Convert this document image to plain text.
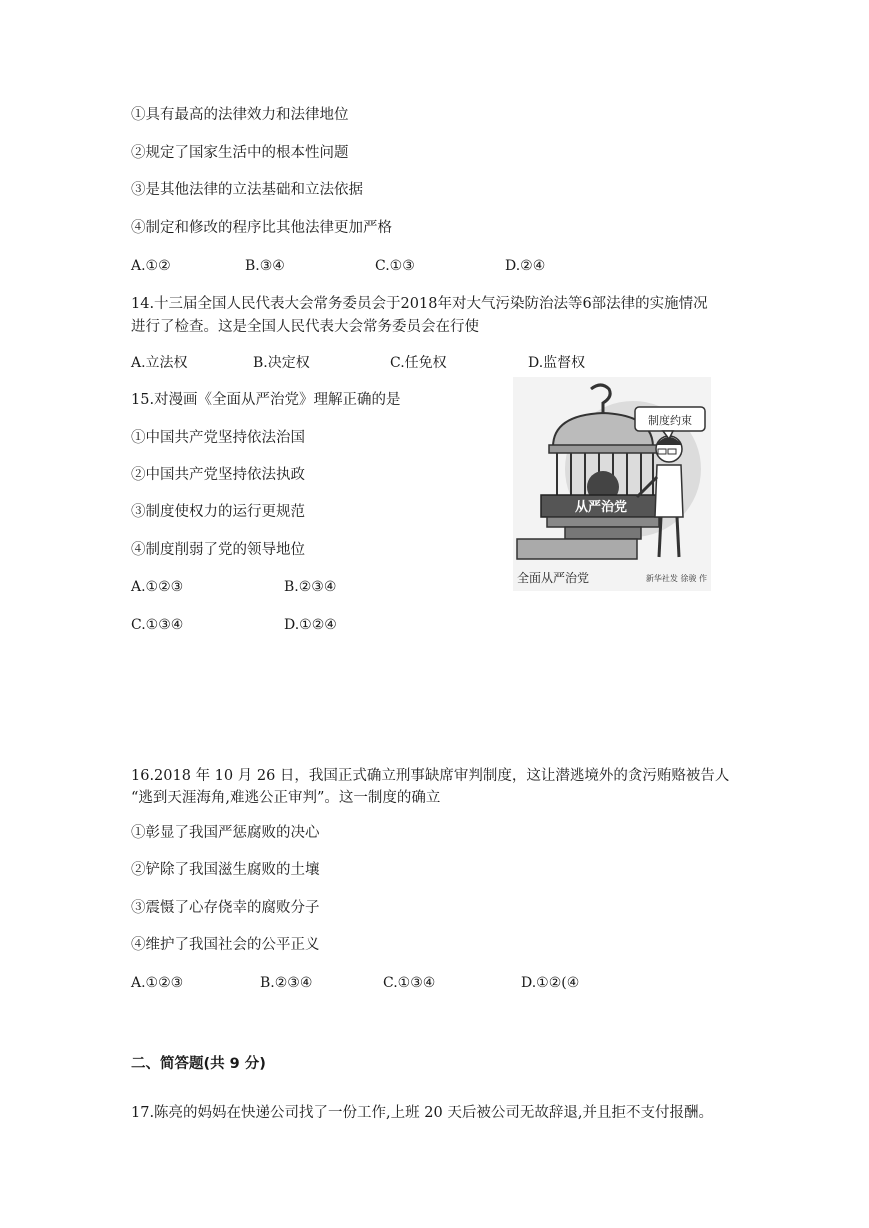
①具有最高的法律效力和法律地位
②规定了国家生活中的根本性问题
③是其他法律的立法基础和立法依据
④制定和修改的程序比其他法律更加严格
A.①②	B.③④	C.①③	D.②④
14.十三届全国人民代表大会常务委员会于2018年对大气污染防治法等6部法律的实施情况
进行了检查。这是全国人民代表大会常务委员会在行使
A.立法权	B.决定权	C.任免权	D.监督权
15.对漫画《全面从严治党》理解正确的是
①中国共产党坚持依法治国
②中国共产党坚持依法执政
③制度使权力的运行更规范
④制度削弱了党的领导地位
A.①②③	B.②③④
C.①③④	D.①②④
从严治党
制度约束
全面从严治党	新华社发 徐骏 作
16.2018 年 10 月 26 日，我国正式确立刑事缺席审判制度，这让潜逃境外的贪污贿赂被告人
“逃到天涯海角,难逃公正审判”。这一制度的确立
①彰显了我国严惩腐败的决心
②铲除了我国滋生腐败的土壤
③震慑了心存侥幸的腐败分子
④维护了我国社会的公平正义
A.①②③	B.②③④	C.①③④	D.①②(④
二、简答题(共 9 分)
17.陈亮的妈妈在快递公司找了一份工作,上班 20 天后被公司无故辞退,并且拒不支付报酬。
